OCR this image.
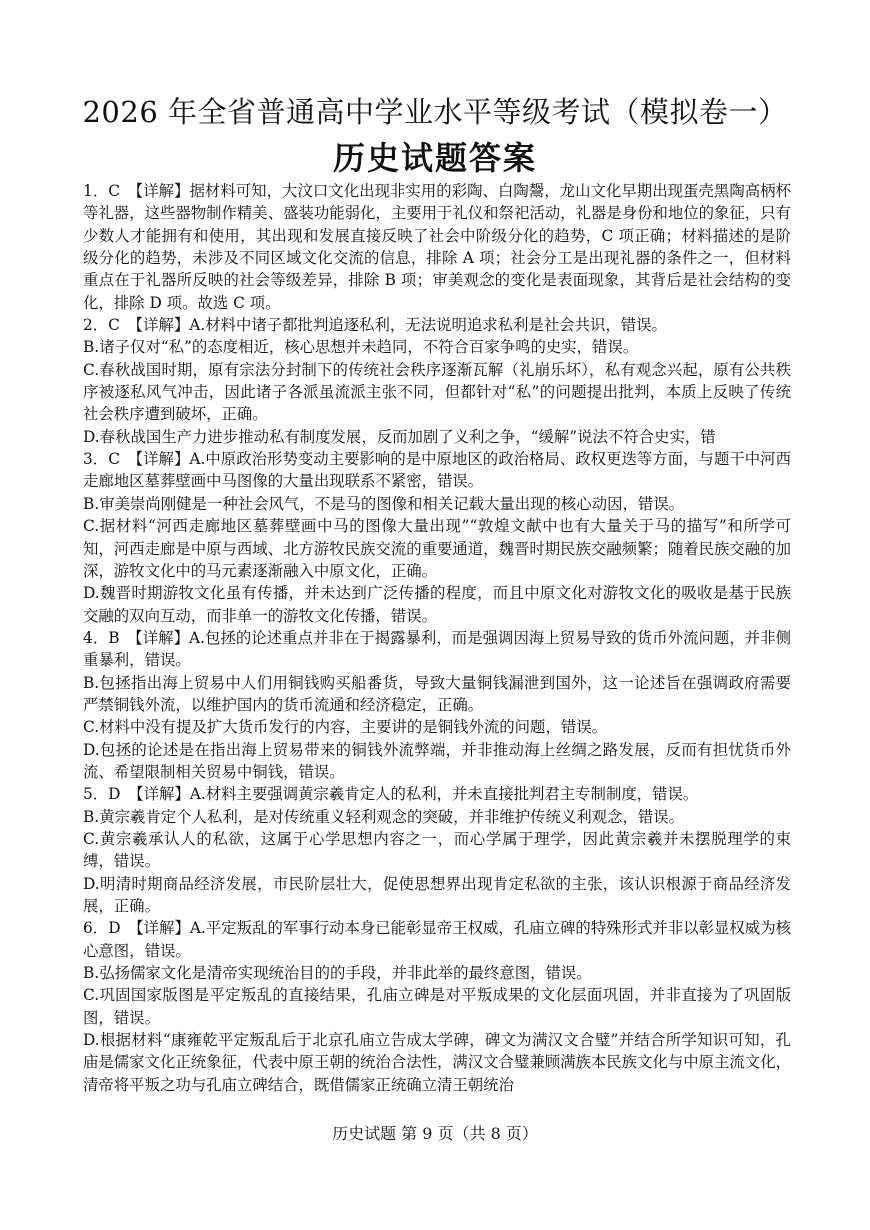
2026 年全省普通高中学业水平等级考试（模拟卷一）
历史试题答案

1．C　【详解】据材料可知，大汶口文化出现非实用的彩陶、白陶鬶，龙山文化早期出现蛋壳黑陶高柄杯等礼器，这些器物制作精美、盛装功能弱化，主要用于礼仪和祭祀活动，礼器是身份和地位的象征，只有少数人才能拥有和使用，其出现和发展直接反映了社会中阶级分化的趋势，C 项正确；材料描述的是阶级分化的趋势，未涉及不同区域文化交流的信息，排除 A 项；社会分工是出现礼器的条件之一，但材料重点在于礼器所反映的社会等级差异，排除 B 项；审美观念的变化是表面现象，其背后是社会结构的变化，排除 D 项。故选 C 项。

2．C　【详解】A.材料中诸子都批判追逐私利，无法说明追求私利是社会共识，错误。

B.诸子仅对“私”的态度相近，核心思想并未趋同，不符合百家争鸣的史实，错误。

C.春秋战国时期，原有宗法分封制下的传统社会秩序逐渐瓦解（礼崩乐坏），私有观念兴起，原有公共秩序被逐私风气冲击，因此诸子各派虽流派主张不同，但都针对“私”的问题提出批判，本质上反映了传统社会秩序遭到破坏，正确。

D.春秋战国生产力进步推动私有制度发展，反而加剧了义利之争，“缓解”说法不符合史实，错

3．C　【详解】A.中原政治形势变动主要影响的是中原地区的政治格局、政权更迭等方面，与题干中河西走廊地区墓葬壁画中马图像的大量出现联系不紧密，错误。

B.审美崇尚刚健是一种社会风气，不是马的图像和相关记载大量出现的核心动因，错误。

C.据材料“河西走廊地区墓葬壁画中马的图像大量出现”“敦煌文献中也有大量关于马的描写”和所学可知，河西走廊是中原与西域、北方游牧民族交流的重要通道，魏晋时期民族交融频繁；随着民族交融的加深，游牧文化中的马元素逐渐融入中原文化，正确。

D.魏晋时期游牧文化虽有传播，并未达到广泛传播的程度，而且中原文化对游牧文化的吸收是基于民族交融的双向互动，而非单一的游牧文化传播，错误。

4．B　【详解】A.包拯的论述重点并非在于揭露暴利，而是强调因海上贸易导致的货币外流问题，并非侧重暴利，错误。

B.包拯指出海上贸易中人们用铜钱购买船番货，导致大量铜钱漏泄到国外，这一论述旨在强调政府需要严禁铜钱外流，以维护国内的货币流通和经济稳定，正确。

C.材料中没有提及扩大货币发行的内容，主要讲的是铜钱外流的问题，错误。

D.包拯的论述是在指出海上贸易带来的铜钱外流弊端，并非推动海上丝绸之路发展，反而有担忧货币外流、希望限制相关贸易中铜钱，错误。

5．D　【详解】A.材料主要强调黄宗羲肯定人的私利，并未直接批判君主专制制度，错误。

B.黄宗羲肯定个人私利，是对传统重义轻利观念的突破，并非维护传统义利观念，错误。

C.黄宗羲承认人的私欲，这属于心学思想内容之一，而心学属于理学，因此黄宗羲并未摆脱理学的束缚，错误。

D.明清时期商品经济发展，市民阶层壮大，促使思想界出现肯定私欲的主张，该认识根源于商品经济发展，正确。

6．D　【详解】A.平定叛乱的军事行动本身已能彰显帝王权威，孔庙立碑的特殊形式并非以彰显权威为核心意图，错误。

B.弘扬儒家文化是清帝实现统治目的的手段，并非此举的最终意图，错误。

C.巩固国家版图是平定叛乱的直接结果，孔庙立碑是对平叛成果的文化层面巩固，并非直接为了巩固版图，错误。

D.根据材料“康雍乾平定叛乱后于北京孔庙立告成太学碑，碑文为满汉文合璧”并结合所学知识可知，孔庙是儒家文化正统象征，代表中原王朝的统治合法性，满汉文合璧兼顾满族本民族文化与中原主流文化，清帝将平叛之功与孔庙立碑结合，既借儒家正统确立清王朝统治

历史试题 第 9 页（共 8 页）
